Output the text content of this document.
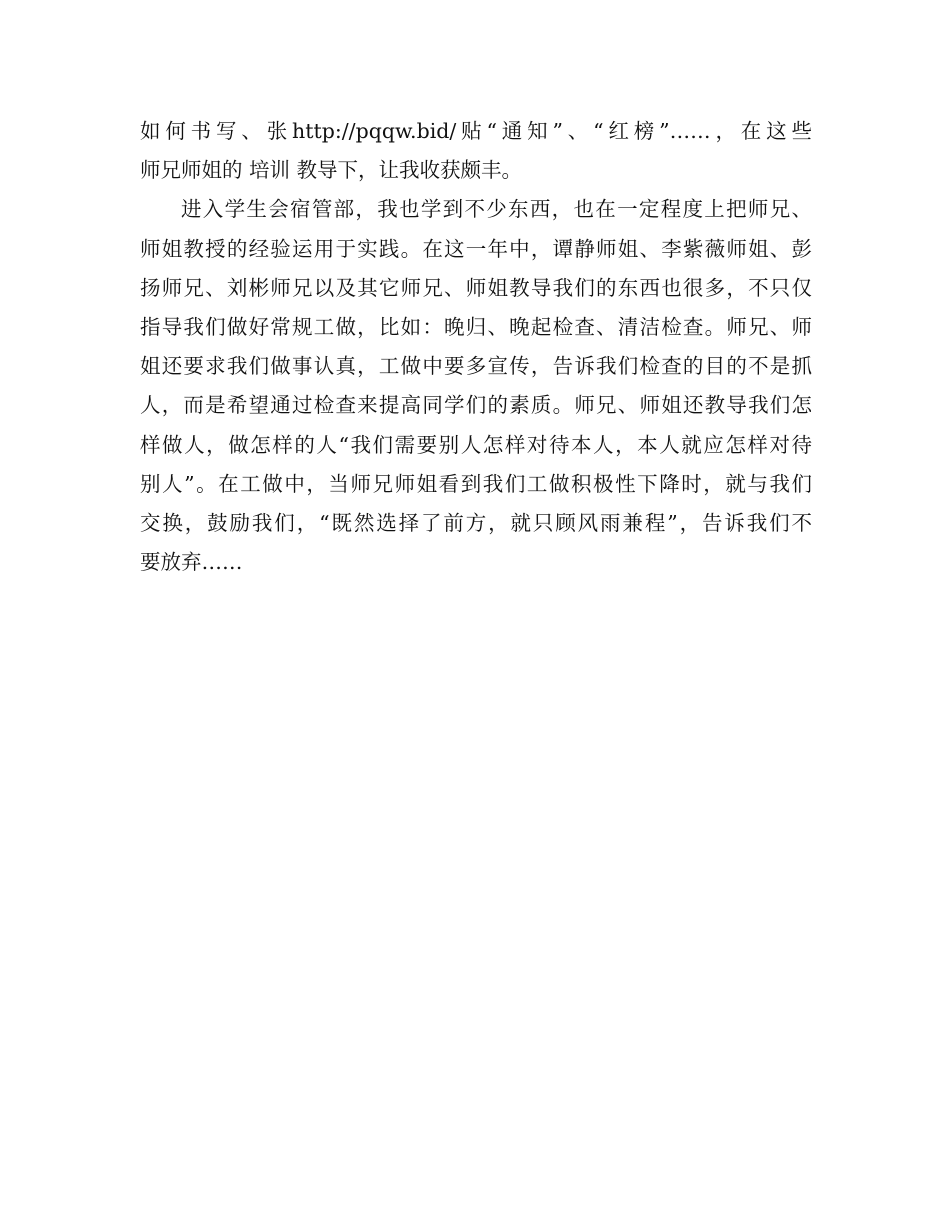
如何书写、张http://pqqw.bid/贴“通知”、“红榜”……，在这些
师兄师姐的 培训 教导下，让我收获颇丰。
进入学生会宿管部，我也学到不少东西，也在一定程度上把师兄、
师姐教授的经验运用于实践。在这一年中，谭静师姐、李紫薇师姐、彭
扬师兄、刘彬师兄以及其它师兄、师姐教导我们的东西也很多，不只仅
指导我们做好常规工做，比如：晚归、晚起检查、清洁检查。师兄、师
姐还要求我们做事认真，工做中要多宣传，告诉我们检查的目的不是抓
人，而是希望通过检查来提高同学们的素质。师兄、师姐还教导我们怎
样做人，做怎样的人“我们需要别人怎样对待本人，本人就应怎样对待
别人”。在工做中，当师兄师姐看到我们工做积极性下降时，就与我们
交换，鼓励我们，“既然选择了前方，就只顾风雨兼程”，告诉我们不
要放弃……
